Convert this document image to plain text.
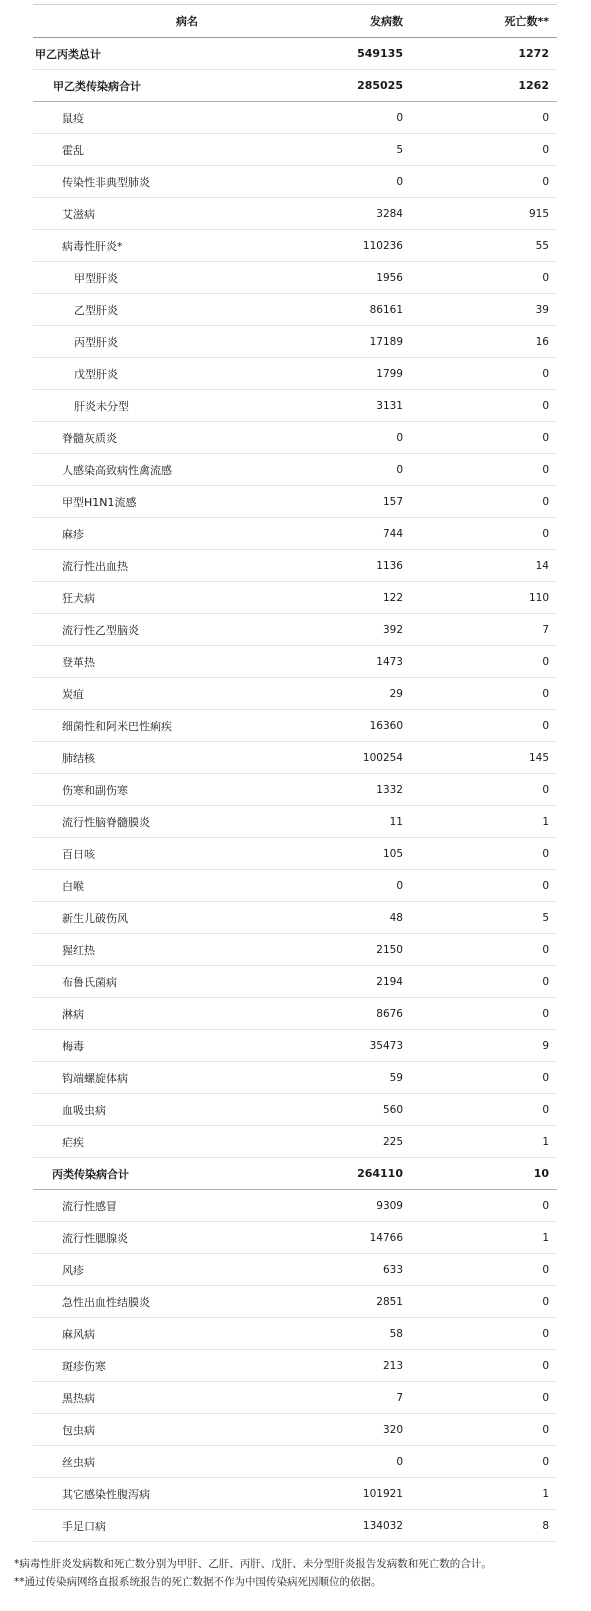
病名	发病数	死亡数**
甲乙丙类总计	549135	1272
甲乙类传染病合计	285025	1262
鼠疫	0	0
霍乱	5	0
传染性非典型肺炎	0	0
艾滋病	3284	915
病毒性肝炎*	110236	55
甲型肝炎	1956	0
乙型肝炎	86161	39
丙型肝炎	17189	16
戊型肝炎	1799	0
肝炎未分型	3131	0
脊髓灰质炎	0	0
人感染高致病性禽流感	0	0
甲型H1N1流感	157	0
麻疹	744	0
流行性出血热	1136	14
狂犬病	122	110
流行性乙型脑炎	392	7
登革热	1473	0
炭疽	29	0
细菌性和阿米巴性痢疾	16360	0
肺结核	100254	145
伤寒和副伤寒	1332	0
流行性脑脊髓膜炎	11	1
百日咳	105	0
白喉	0	0
新生儿破伤风	48	5
猩红热	2150	0
布鲁氏菌病	2194	0
淋病	8676	0
梅毒	35473	9
钩端螺旋体病	59	0
血吸虫病	560	0
疟疾	225	1
丙类传染病合计	264110	10
流行性感冒	9309	0
流行性腮腺炎	14766	1
风疹	633	0
急性出血性结膜炎	2851	0
麻风病	58	0
斑疹伤寒	213	0
黑热病	7	0
包虫病	320	0
丝虫病	0	0
其它感染性腹泻病	101921	1
手足口病	134032	8

*病毒性肝炎发病数和死亡数分别为甲肝、乙肝、丙肝、戊肝、未分型肝炎报告发病数和死亡数的合计。

**通过传染病网络直报系统报告的死亡数据不作为中国传染病死因顺位的依据。
